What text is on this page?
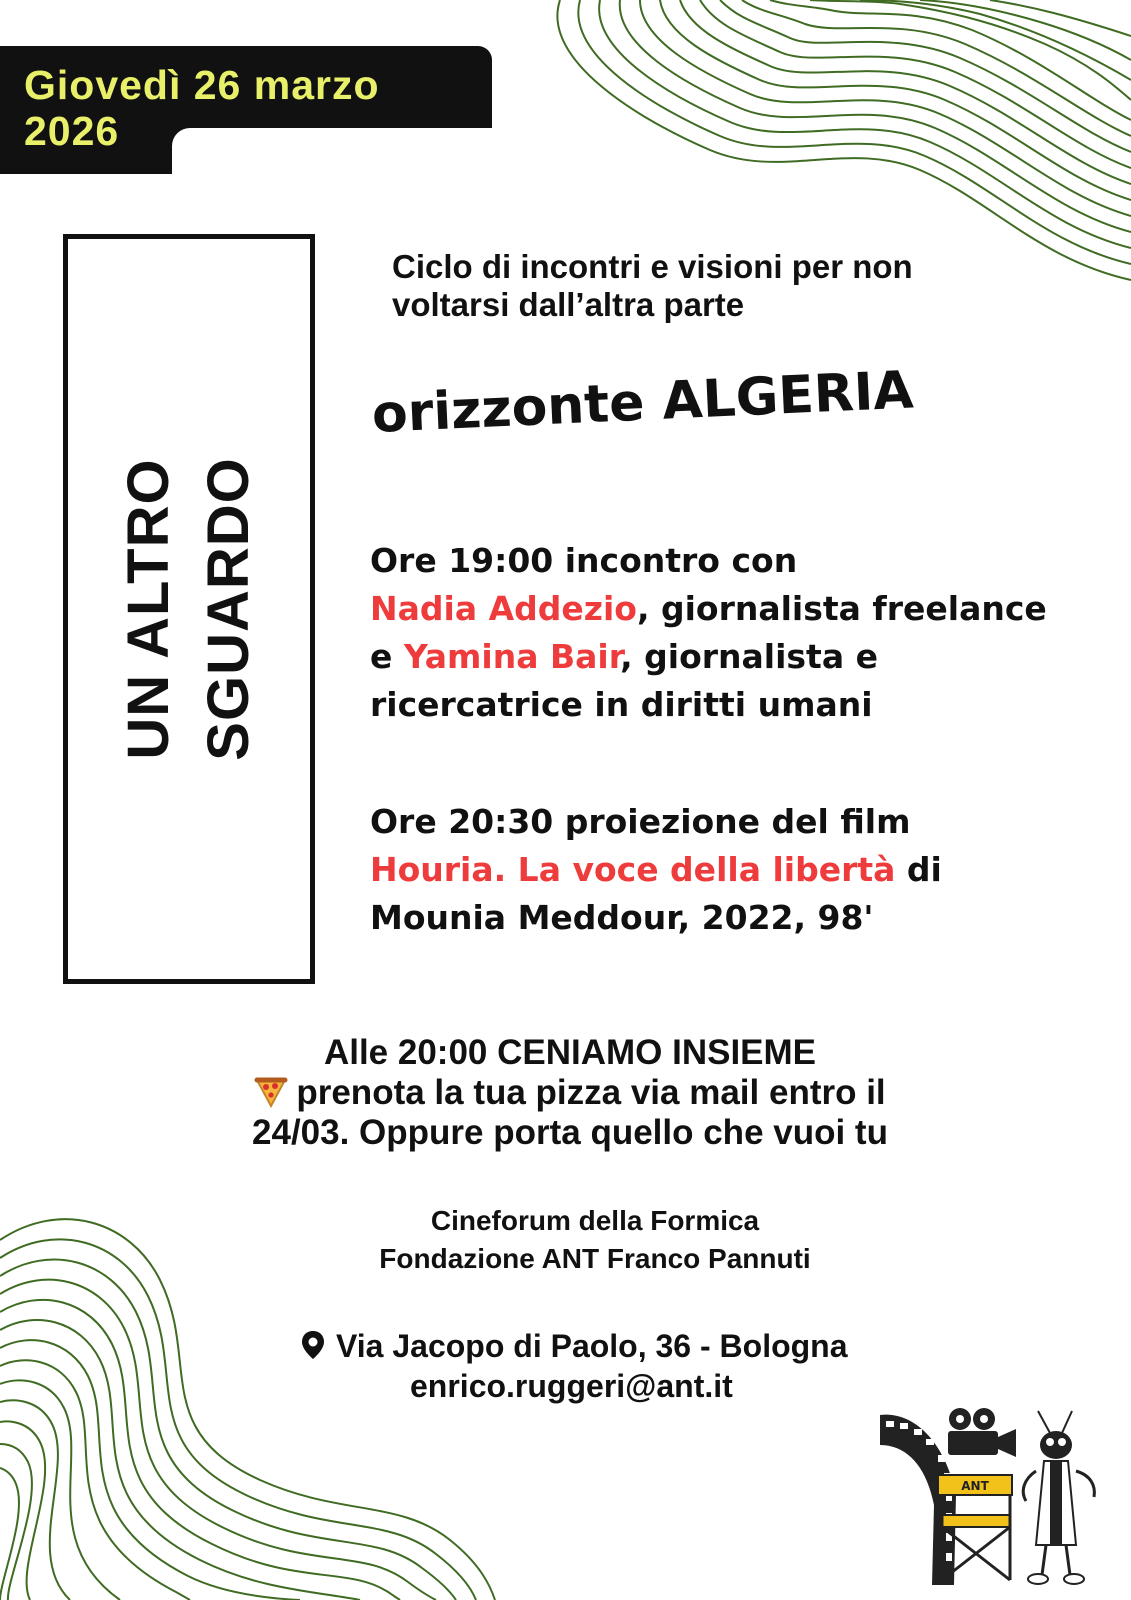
Giovedì 26 marzo
2026
UN ALTRO SGUARDO
Ciclo di incontri e visioni per non voltarsi dall’altra parte
orizzonte ALGERIA
Ore 19:00 incontro con
Nadia Addezio, giornalista freelance
e Yamina Bair, giornalista e ricercatrice in diritti umani
Ore 20:30 proiezione del film
Houria. La voce della libertà di
Mounia Meddour, 2022, 98'
Alle 20:00 CENIAMO INSIEME
prenota la tua pizza via mail entro il
24/03. Oppure porta quello che vuoi tu
Cineforum della Formica
Fondazione ANT Franco Pannuti
Via Jacopo di Paolo, 36 - Bologna
enrico.ruggeri@ant.it
ANT
